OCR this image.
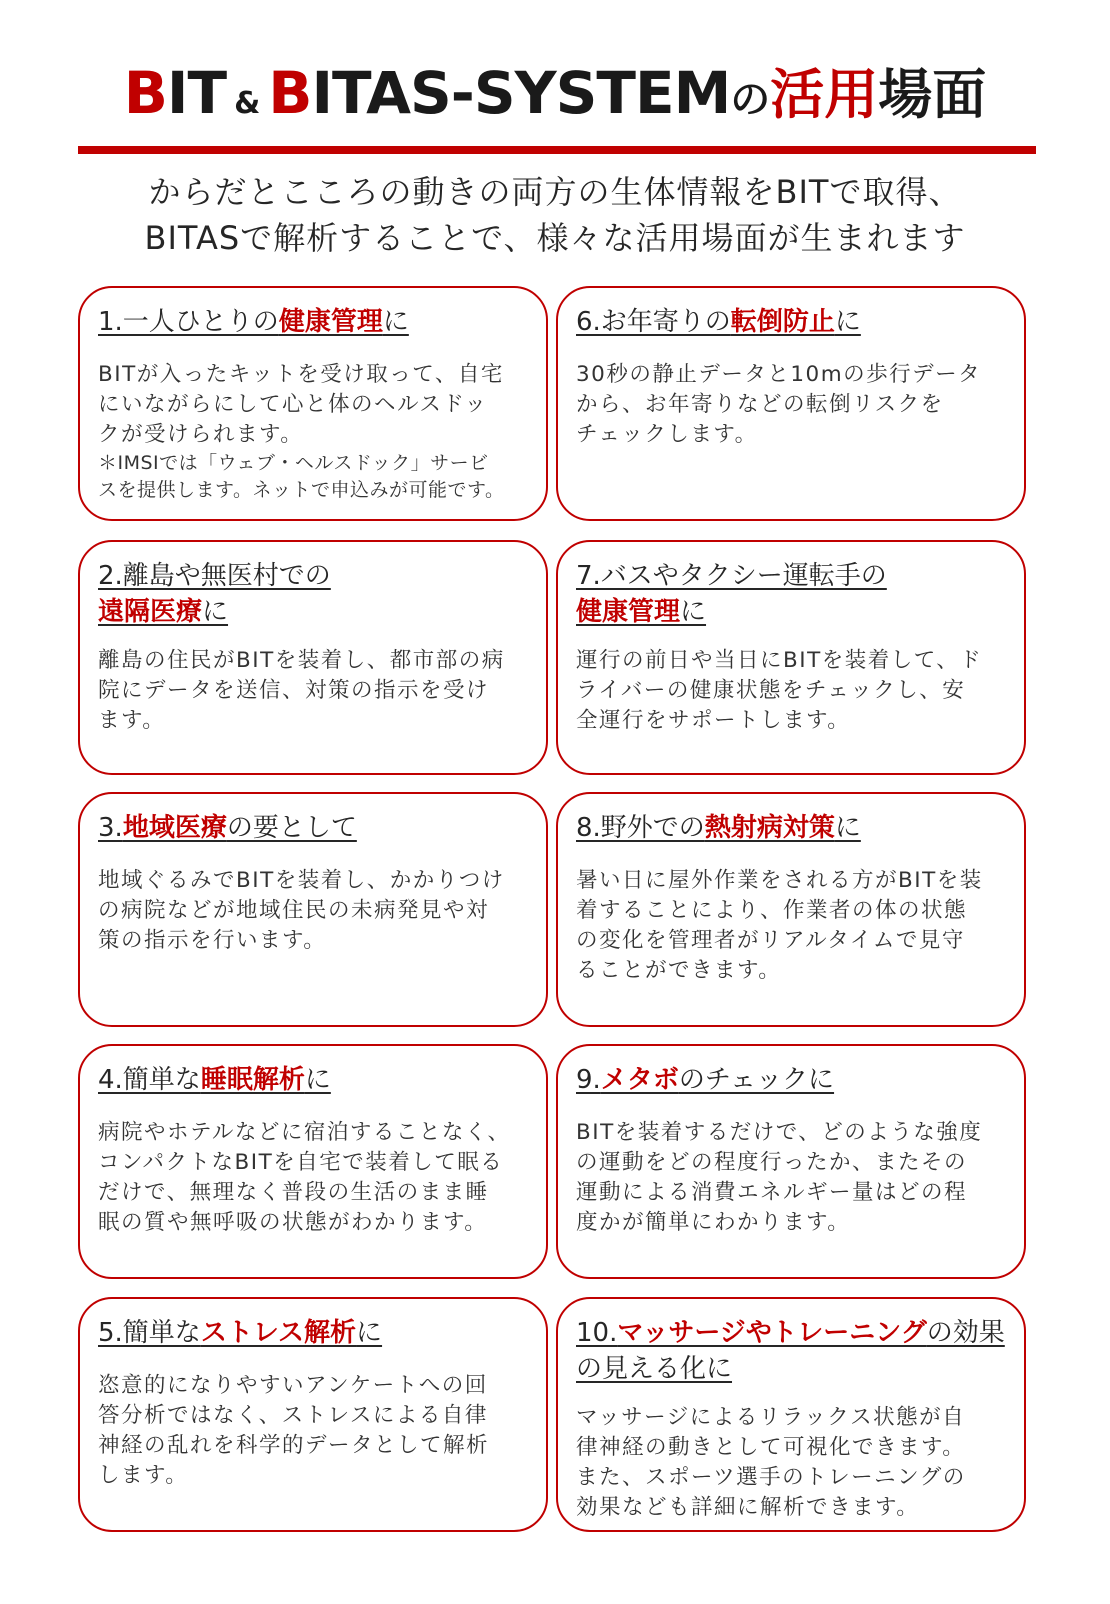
BIT & BITAS-SYSTEMの活用場面
からだとこころの動きの両方の生体情報をBITで取得、
BITASで解析することで、様々な活用場面が生まれます
1.一人ひとりの健康管理に
BITが入ったキットを受け取って、自宅
にいながらにして心と体のヘルスドッ
クが受けられます。
＊IMSIでは「ウェブ・ヘルスドック」サービ
スを提供します。ネットで申込みが可能です。
2.離島や無医村での
遠隔医療に
離島の住民がBITを装着し、都市部の病
院にデータを送信、対策の指示を受け
ます。
3.地域医療の要として
地域ぐるみでBITを装着し、かかりつけ
の病院などが地域住民の未病発見や対
策の指示を行います。
4.簡単な睡眠解析に
病院やホテルなどに宿泊することなく、
コンパクトなBITを自宅で装着して眠る
だけで、無理なく普段の生活のまま睡
眠の質や無呼吸の状態がわかります。
5.簡単なストレス解析に
恣意的になりやすいアンケートへの回
答分析ではなく、ストレスによる自律
神経の乱れを科学的データとして解析
します。
6.お年寄りの転倒防止に
30秒の静止データと10mの歩行データ
から、お年寄りなどの転倒リスクを
チェックします。
7.バスやタクシー運転手の
健康管理に
運行の前日や当日にBITを装着して、ド
ライバーの健康状態をチェックし、安
全運行をサポートします。
8.野外での熱射病対策に
暑い日に屋外作業をされる方がBITを装
着することにより、作業者の体の状態
の変化を管理者がリアルタイムで見守
ることができます。
9.メタボのチェックに
BITを装着するだけで、どのような強度
の運動をどの程度行ったか、またその
運動による消費エネルギー量はどの程
度かが簡単にわかります。
10.マッサージやトレーニングの効果の見える化に
マッサージによるリラックス状態が自
律神経の動きとして可視化できます。
また、スポーツ選手のトレーニングの
効果なども詳細に解析できます。
